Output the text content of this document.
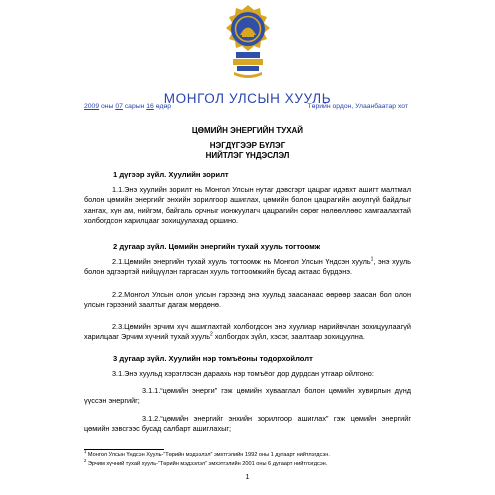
МОНГОЛ УЛСЫН ХУУЛЬ
2009 оны 07 сарын 16 өдөр	Төрийн ордон, Улаанбаатар хот
ЦӨМИЙН ЭНЕРГИЙН ТУХАЙ
НЭГДҮГЭЭР БҮЛЭГ
НИЙТЛЭГ ҮНДЭСЛЭЛ
1 дүгээр зүйл. Хуулийн зорилт
1.1.Энэ хуулийн зорилт нь Монгол Улсын нутаг дэвсгэрт цацраг идэвхт ашигт малтмал болон цөмийн энергийг энхийн зорилгоор ашиглах, цөмийн болон цацрагийн аюулгүй байдлыг хангах, хүн ам, нийгэм, байгаль орчныг ионжуулагч цацрагийн сөрөг нөлөөллөөс хамгаалахтай холбогдсон харилцааг зохицуулахад оршино.
2 дугаар зүйл. Цөмийн энергийн тухай хууль тогтоомж
2.1.Цөмийн энергийн тухай хууль тогтоомж нь Монгол Улсын Үндсэн хууль$^1$, энэ хууль болон эдгээртэй нийцүүлэн гаргасан хууль тогтоомжийн бусад актаас бүрдэнэ.
2.2.Монгол Улсын олон улсын гэрээнд энэ хуульд заасанаас өөрөөр заасан бол олон улсын гэрээний заалтыг дагаж мөрдөнө.
2.3.Цөмийн эрчим хүч ашиглахтай холбогдсон энэ хуулиар нарийвчлан зохицуулаагүй харилцааг Эрчим хүчний тухай хууль$^2$ холбогдох зүйл, хэсэг, заалтаар зохицуулна.
3 дугаар зүйл. Хуулийн нэр томъёоны тодорхойлолт
3.1.Энэ хуульд хэрэглэсэн дараахь нэр томъёог дор дурдсан утгаар ойлгоно:
3.1.1.“цөмийн энерги” гэж цөмийн хувааглал болон цөмийн хувирлын дүнд үүссэн энергийг;
3.1.2.“цөмийн энергийг энхийн зорилгоор ашиглах” гэж цөмийн энергийг цөмийн зэвсгээс бусад салбарт ашиглахыг;
$^1$ Монгол Улсын Үндсэн Хууль-“Төрийн мэдээлэл” эмхтгэлийн 1992 оны 1 дугаарт нийтлэгдсэн.
$^2$ Эрчим хүчний тухай хууль-“Төрийн мэдээлэл” эмхэтгэлийн 2001 оны 6 дугаарт нийтлэгдсэн.
1
